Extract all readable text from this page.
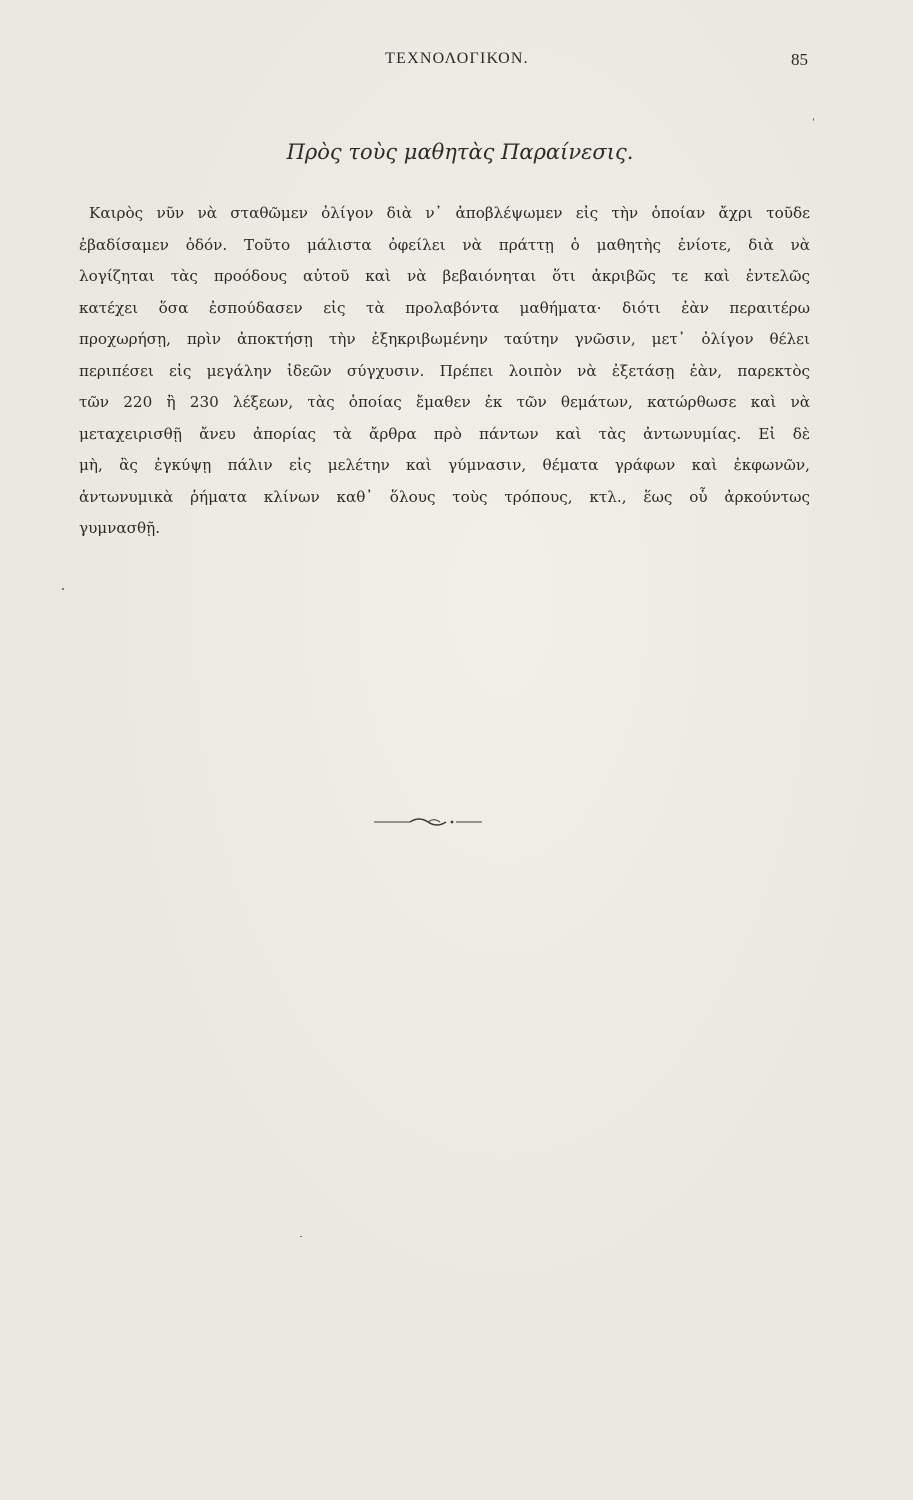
ΤΕΧΝΟΛΟΓΙΚΟΝ.	85
Πρὸς τοὺς μαθητὰς Παραίνεσις.

Καιρὸς νῦν νὰ σταθῶμεν ὀλίγον διὰ ν᾽ ἀποβλέψωμεν εἰς τὴν ὁποίαν ἄχρι τοῦδε
ἐβαδίσαμεν ὁδόν. Τοῦτο μάλιστα ὀφείλει νὰ πράττῃ ὁ μαθητὴς ἐνίοτε, διὰ νὰ
λογίζηται τὰς προόδους αὐτοῦ καὶ νὰ βεβαιόνηται ὅτι ἀκριβῶς τε καὶ ἐντελῶς
κατέχει ὅσα ἐσπούδασεν εἰς τὰ προλαβόντα μαθήματα· διότι ἐὰν περαιτέρω
προχωρήσῃ, πρὶν ἀποκτήσῃ τὴν ἐξηκριβωμένην ταύτην γνῶσιν, μετ᾽ ὀλίγον θέλει
περιπέσει εἰς μεγάλην ἰδεῶν σύγχυσιν. Πρέπει λοιπὸν νὰ ἐξετάσῃ ἐὰν, παρεκτὸς
τῶν 220 ἢ 230 λέξεων, τὰς ὁποίας ἔμαθεν ἐκ τῶν θεμάτων, κατώρθωσε καὶ νὰ
μεταχειρισθῇ ἄνευ ἀπορίας τὰ ἄρθρα πρὸ πάντων καὶ τὰς ἀντωνυμίας. Εἰ δὲ
μὴ, ἂς ἐγκύψῃ πάλιν εἰς μελέτην καὶ γύμνασιν, θέματα γράφων καὶ ἐκφωνῶν,
ἀντωνυμικὰ ῥήματα κλίνων καθ᾽ ὅλους τοὺς τρόπους, κτλ., ἕως οὗ ἀρκούντως
γυμνασθῇ.
